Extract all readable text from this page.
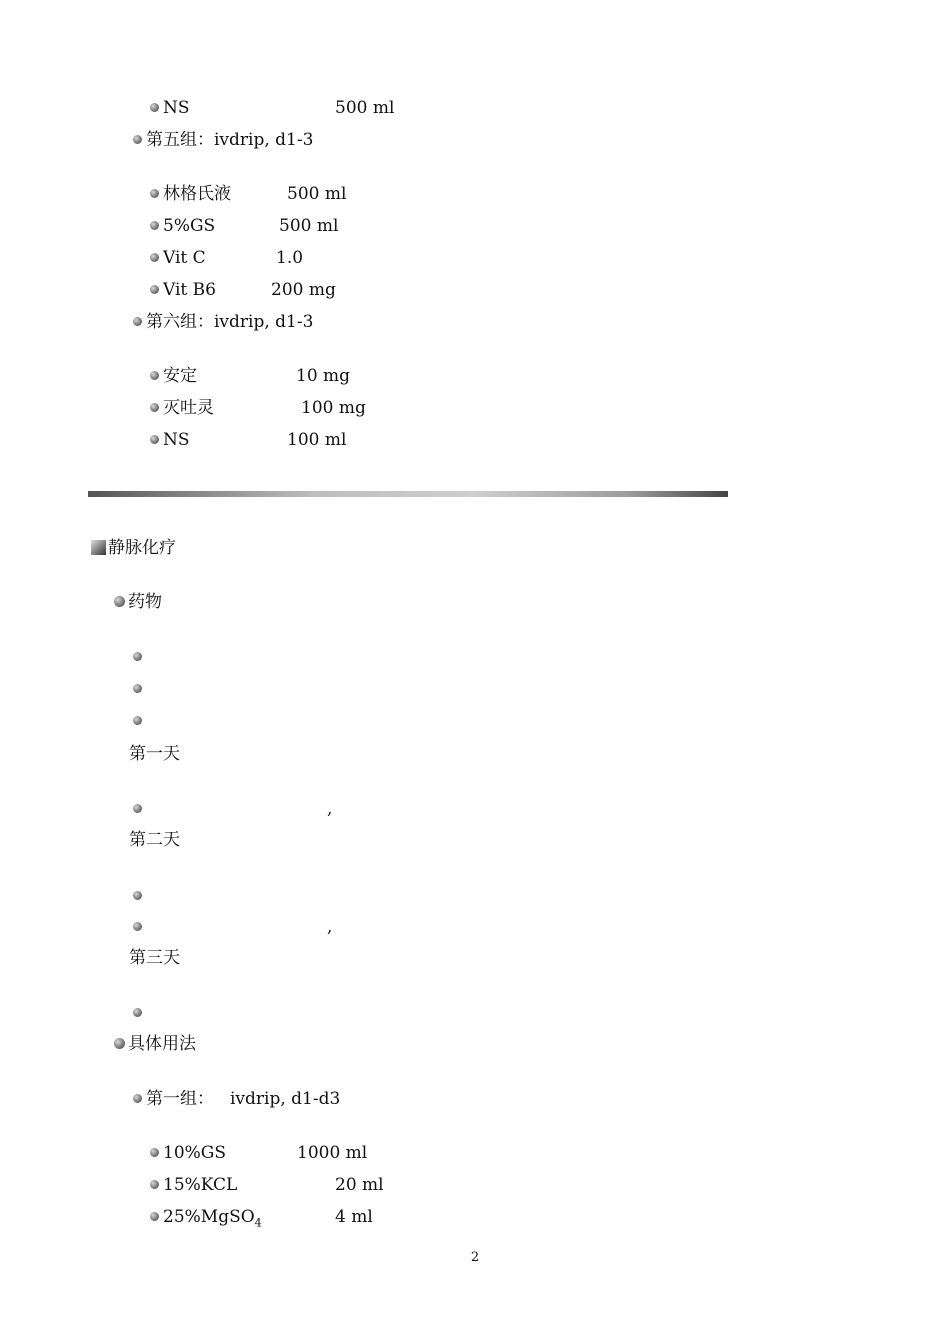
NS	500 ml
第五组：ivdrip, d1-3
林格氏液	500 ml
5%GS	500 ml
Vit C	1.0
Vit B6	200 mg
第六组：ivdrip, d1-3
安定	10 mg
灭吐灵	100 mg
NS	100 ml
静脉化疗
药物
第一天
,
第二天
,
第三天
具体用法
第一组： ivdrip, d1-d3
10%GS	1000 ml
15%KCL	20 ml
25%MgSO$_4$	4 ml
2
